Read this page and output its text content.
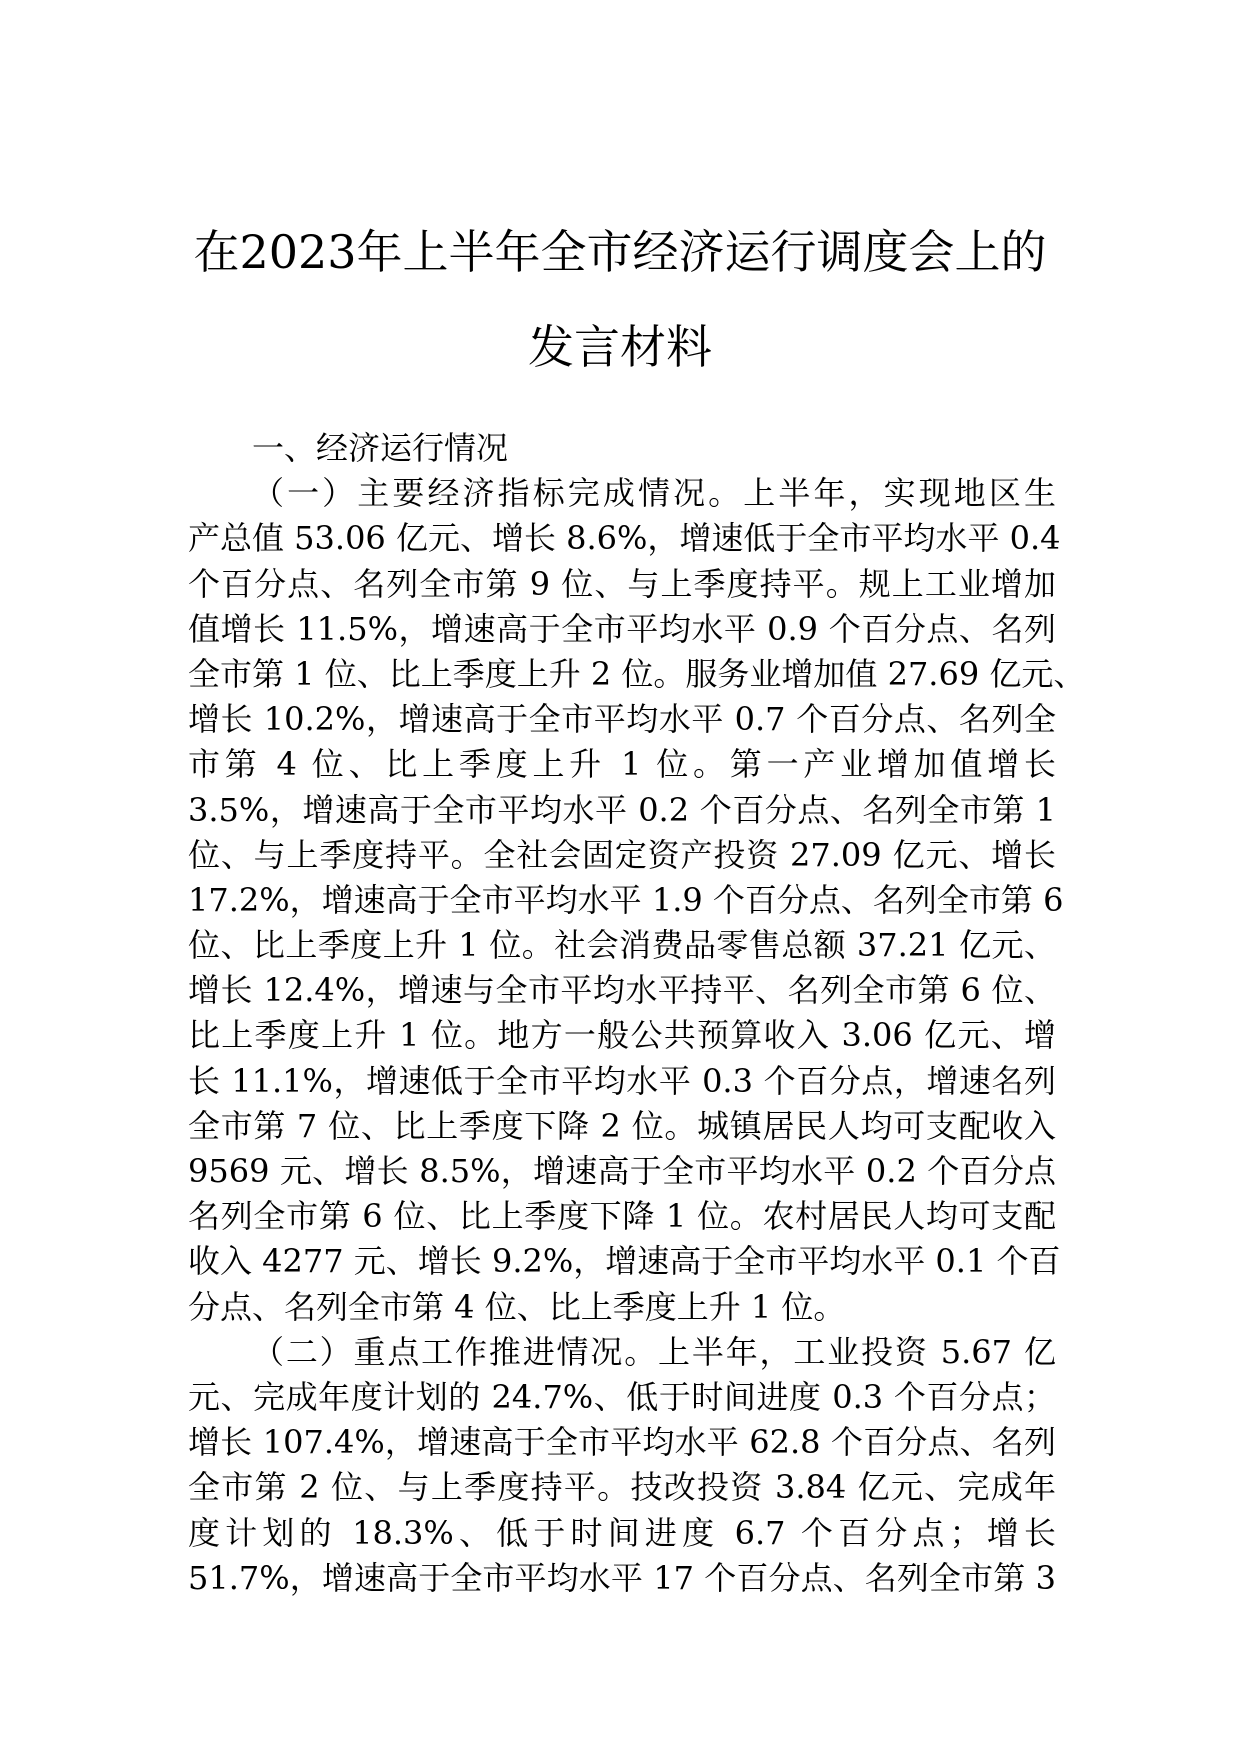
在2023年上半年全市经济运行调度会上的
发言材料
一、经济运行情况
（一）主要经济指标完成情况。上半年，实现地区生
产总值 53.06 亿元、增长 8.6%，增速低于全市平均水平 0.4
个百分点、名列全市第 9 位、与上季度持平。规上工业增加
值增长 11.5%，增速高于全市平均水平 0.9 个百分点、名列
全市第 1 位、比上季度上升 2 位。服务业增加值 27.69 亿元、
增长 10.2%，增速高于全市平均水平 0.7 个百分点、名列全
市第 4 位、比上季度上升 1 位。第一产业增加值增长
3.5%，增速高于全市平均水平 0.2 个百分点、名列全市第 1
位、与上季度持平。全社会固定资产投资 27.09 亿元、增长
17.2%，增速高于全市平均水平 1.9 个百分点、名列全市第 6
位、比上季度上升 1 位。社会消费品零售总额 37.21 亿元、
增长 12.4%，增速与全市平均水平持平、名列全市第 6 位、
比上季度上升 1 位。地方一般公共预算收入 3.06 亿元、增
长 11.1%，增速低于全市平均水平 0.3 个百分点，增速名列
全市第 7 位、比上季度下降 2 位。城镇居民人均可支配收入
9569 元、增长 8.5%，增速高于全市平均水平 0.2 个百分点
名列全市第 6 位、比上季度下降 1 位。农村居民人均可支配
收入 4277 元、增长 9.2%，增速高于全市平均水平 0.1 个百
分点、名列全市第 4 位、比上季度上升 1 位。
（二）重点工作推进情况。上半年，工业投资 5.67 亿
元、完成年度计划的 24.7%、低于时间进度 0.3 个百分点；
增长 107.4%，增速高于全市平均水平 62.8 个百分点、名列
全市第 2 位、与上季度持平。技改投资 3.84 亿元、完成年
度计划的 18.3%、低于时间进度 6.7 个百分点；增长
51.7%，增速高于全市平均水平 17 个百分点、名列全市第 3
